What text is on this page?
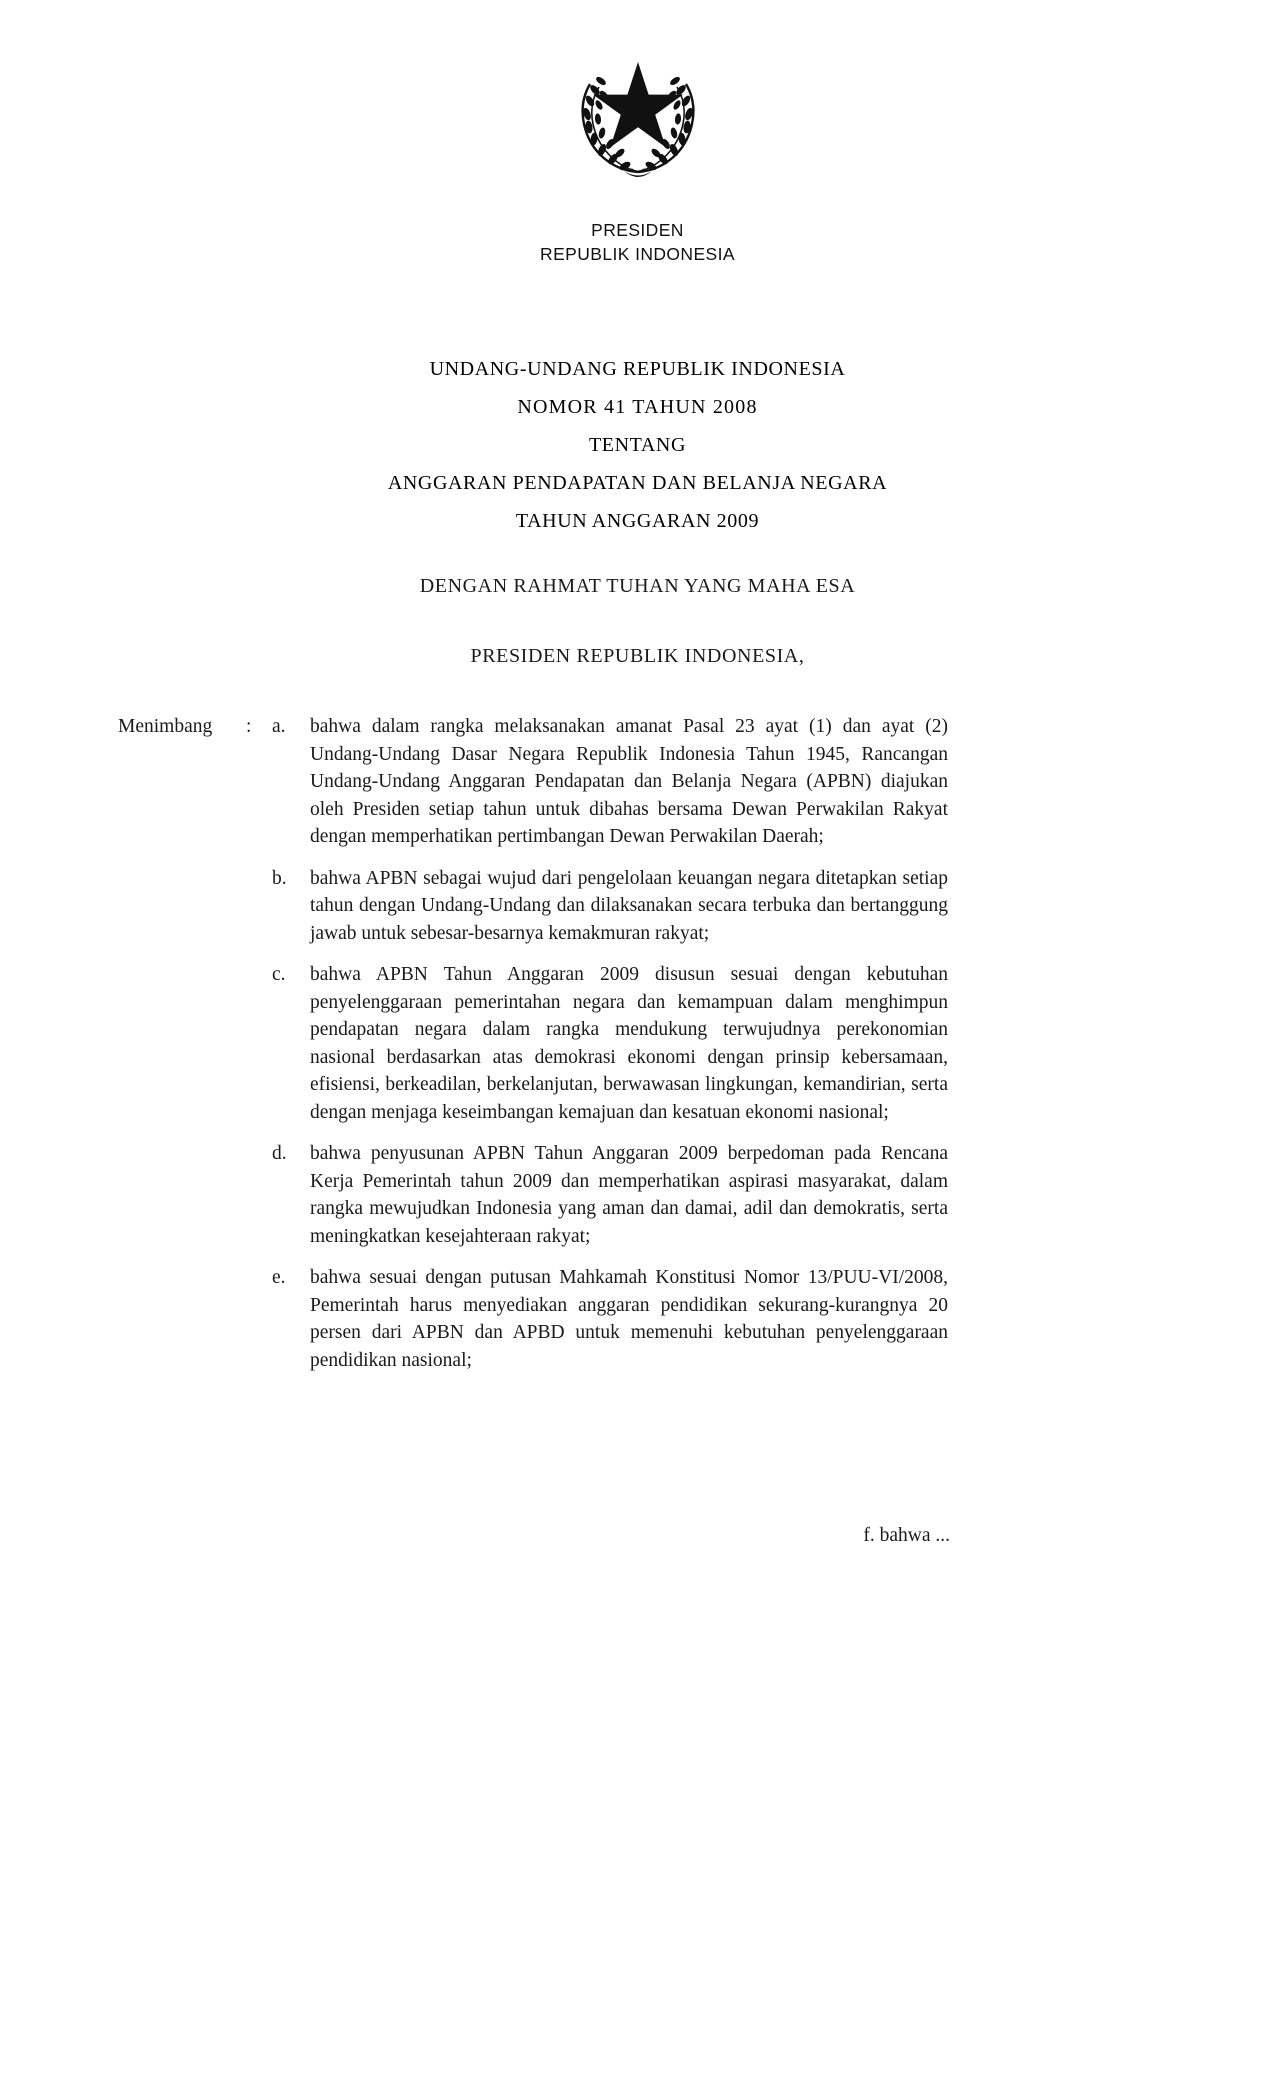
PRESIDEN
REPUBLIK INDONESIA
UNDANG-UNDANG REPUBLIK INDONESIA
NOMOR 41 TAHUN 2008
TENTANG
ANGGARAN PENDAPATAN DAN BELANJA NEGARA
TAHUN ANGGARAN 2009
DENGAN RAHMAT TUHAN YANG MAHA ESA
PRESIDEN REPUBLIK INDONESIA,
Menimbang	:	a.	bahwa dalam rangka melaksanakan amanat Pasal 23 ayat (1) dan ayat (2) Undang-Undang Dasar Negara Republik Indonesia Tahun 1945, Rancangan Undang-Undang Anggaran Pendapatan dan Belanja Negara (APBN) diajukan oleh Presiden setiap tahun untuk dibahas bersama Dewan Perwakilan Rakyat dengan memperhatikan pertimbangan Dewan Perwakilan Daerah;
b.	bahwa APBN sebagai wujud dari pengelolaan keuangan negara ditetapkan setiap tahun dengan Undang-Undang dan dilaksanakan secara terbuka dan bertanggung jawab untuk sebesar-besarnya kemakmuran rakyat;
c.	bahwa APBN Tahun Anggaran 2009 disusun sesuai dengan kebutuhan penyelenggaraan pemerintahan negara dan kemampuan dalam menghimpun pendapatan negara dalam rangka mendukung terwujudnya perekonomian nasional berdasarkan atas demokrasi ekonomi dengan prinsip kebersamaan, efisiensi, berkeadilan, berkelanjutan, berwawasan lingkungan, kemandirian, serta dengan menjaga keseimbangan kemajuan dan kesatuan ekonomi nasional;
d.	bahwa penyusunan APBN Tahun Anggaran 2009 berpedoman pada Rencana Kerja Pemerintah tahun 2009 dan memperhatikan aspirasi masyarakat, dalam rangka mewujudkan Indonesia yang aman dan damai, adil dan demokratis, serta meningkatkan kesejahteraan rakyat;
e.	bahwa sesuai dengan putusan Mahkamah Konstitusi Nomor 13/PUU-VI/2008, Pemerintah harus menyediakan anggaran pendidikan sekurang-kurangnya 20 persen dari APBN dan APBD untuk memenuhi kebutuhan penyelenggaraan pendidikan nasional;
f. bahwa ...
